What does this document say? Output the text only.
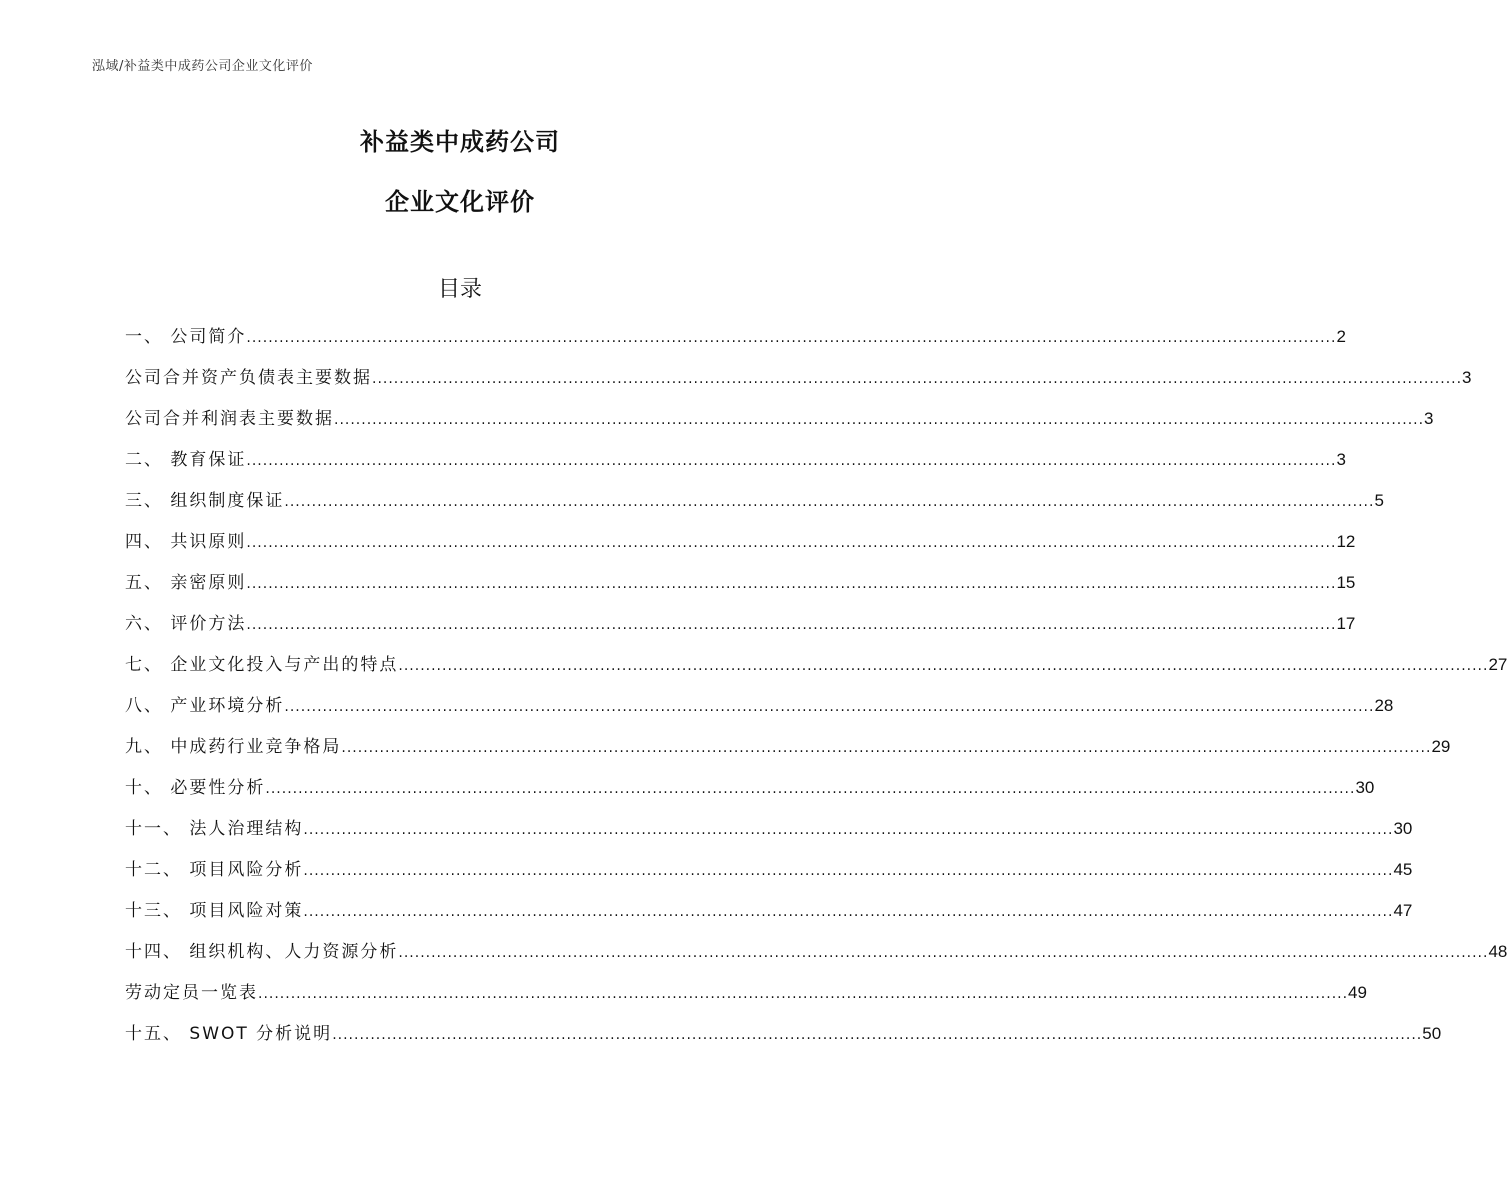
泓域/补益类中成药公司企业文化评价
补益类中成药公司
企业文化评价
目录
一、 公司简介 ........................................................................................................................................................................................................ 2
公司合并资产负债表主要数据 ........................................................................................................................................................................................................ 3
公司合并利润表主要数据 ........................................................................................................................................................................................................ 3
二、 教育保证 ........................................................................................................................................................................................................ 3
三、 组织制度保证 ........................................................................................................................................................................................................ 5
四、 共识原则 ........................................................................................................................................................................................................ 12
五、 亲密原则 ........................................................................................................................................................................................................ 15
六、 评价方法 ........................................................................................................................................................................................................ 17
七、 企业文化投入与产出的特点 ........................................................................................................................................................................................................ 27
八、 产业环境分析 ........................................................................................................................................................................................................ 28
九、 中成药行业竞争格局 ........................................................................................................................................................................................................ 29
十、 必要性分析 ........................................................................................................................................................................................................ 30
十一、 法人治理结构 ........................................................................................................................................................................................................ 30
十二、 项目风险分析 ........................................................................................................................................................................................................ 45
十三、 项目风险对策 ........................................................................................................................................................................................................ 47
十四、 组织机构、人力资源分析 ........................................................................................................................................................................................................ 48
劳动定员一览表 ........................................................................................................................................................................................................ 49
十五、 SWOT 分析说明 ........................................................................................................................................................................................................ 50
